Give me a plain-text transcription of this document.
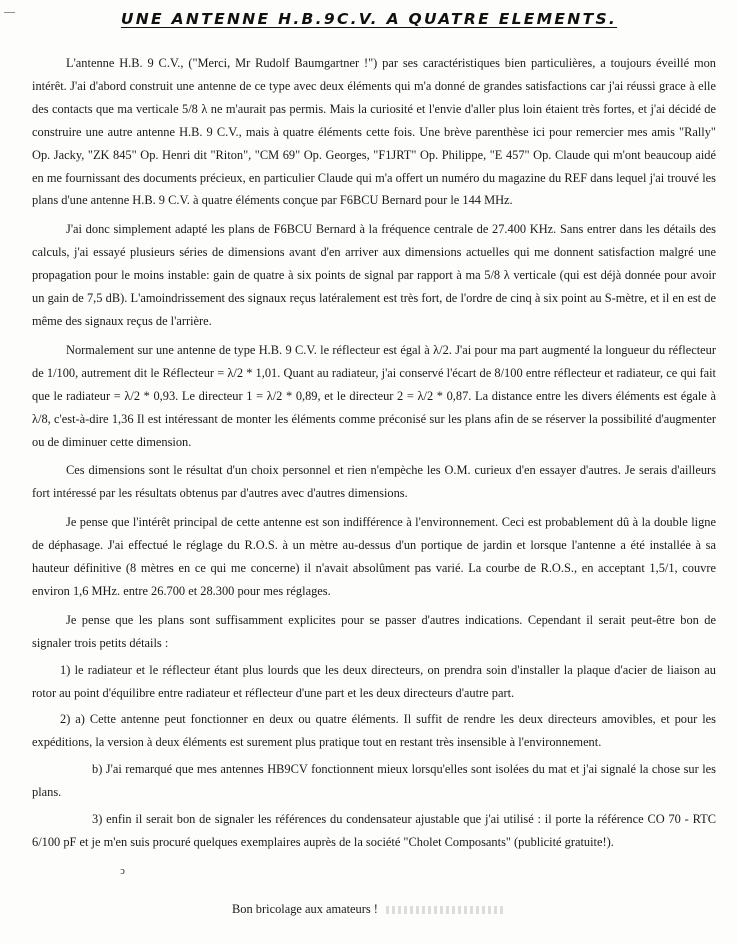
—	UNE ANTENNE H.B.9C.V. A QUATRE ELEMENTS.

L'antenne H.B. 9 C.V., ("Merci, Mr Rudolf Baumgartner !") par ses caractéristiques bien particulières, a toujours éveillé mon intérêt. J'ai d'abord construit une antenne de ce type avec deux éléments qui m'a donné de grandes satisfactions car j'ai réussi grace à elle des contacts que ma verticale 5/8 λ ne m'aurait pas permis. Mais la curiosité et l'envie d'aller plus loin étaient très fortes, et j'ai décidé de construire une autre antenne H.B. 9 C.V., mais à quatre éléments cette fois. Une brève parenthèse ici pour remercier mes amis "Rally" Op. Jacky, "ZK 845" Op. Henri dit "Riton", "CM 69" Op. Georges, "F1JRT" Op. Philippe, "E 457" Op. Claude qui m'ont beaucoup aidé en me fournissant des documents précieux, en particulier Claude qui m'a offert un numéro du magazine du REF dans lequel j'ai trouvé les plans d'une antenne H.B. 9 C.V. à quatre éléments conçue par F6BCU Bernard pour le 144 MHz.

J'ai donc simplement adapté les plans de F6BCU Bernard à la fréquence centrale de 27.400 KHz. Sans entrer dans les détails des calculs, j'ai essayé plusieurs séries de dimensions avant d'en arriver aux dimensions actuelles qui me donnent satisfaction malgré une propagation pour le moins instable: gain de quatre à six points de signal par rapport à ma 5/8 λ verticale (qui est déjà donnée pour avoir un gain de 7,5 dB). L'amoindrissement des signaux reçus latéralement est très fort, de l'ordre de cinq à six point au S-mètre, et il en est de même des signaux reçus de l'arrière.

Normalement sur une antenne de type H.B. 9 C.V. le réflecteur est égal à λ/2. J'ai pour ma part augmenté la longueur du réflecteur de 1/100, autrement dit le Réflecteur = λ/2 * 1,01. Quant au radiateur, j'ai conservé l'écart de 8/100 entre réflecteur et radiateur, ce qui fait que le radiateur = λ/2 * 0,93. Le directeur 1 = λ/2 * 0,89, et le directeur 2 = λ/2 * 0,87. La distance entre les divers éléments est égale à λ/8, c'est-à-dire 1,36 Il est intéressant de monter les éléments comme préconisé sur les plans afin de se réserver la possibilité d'augmenter ou de diminuer cette dimension.

Ces dimensions sont le résultat d'un choix personnel et rien n'empèche les O.M. curieux d'en essayer d'autres. Je serais d'ailleurs fort intéressé par les résultats obtenus par d'autres avec d'autres dimensions.

Je pense que l'intérêt principal de cette antenne est son indifférence à l'environnement. Ceci est probablement dû à la double ligne de déphasage. J'ai effectué le réglage du R.O.S. à un mètre au-dessus d'un portique de jardin et lorsque l'antenne a été installée à sa hauteur définitive (8 mètres en ce qui me concerne) il n'avait absolûment pas varié. La courbe de R.O.S., en acceptant 1,5/1, couvre environ 1,6 MHz. entre 26.700 et 28.300 pour mes réglages.

Je pense que les plans sont suffisamment explicites pour se passer d'autres indications. Cependant il serait peut-être bon de signaler trois petits détails :

1) le radiateur et le réflecteur étant plus lourds que les deux directeurs, on prendra soin d'installer la plaque d'acier de liaison au rotor au point d'équilibre entre radiateur et réflecteur d'une part et les deux directeurs d'autre part.

2) a) Cette antenne peut fonctionner en deux ou quatre éléments. Il suffit de rendre les deux directeurs amovibles, et pour les expéditions, la version à deux éléments est surement plus pratique tout en restant très insensible à l'environnement.

b) J'ai remarqué que mes antennes HB9CV fonctionnent mieux lorsqu'elles sont isolées du mat et j'ai signalé la chose sur les plans.

3) enfin il serait bon de signaler les références du condensateur ajustable que j'ai utilisé : il porte la référence CO 70 - RTC 6/100 pF et je m'en suis procuré quelques exemplaires auprès de la société "Cholet Composants" (publicité gratuite!).

ↄ
Bon bricolage aux amateurs !
